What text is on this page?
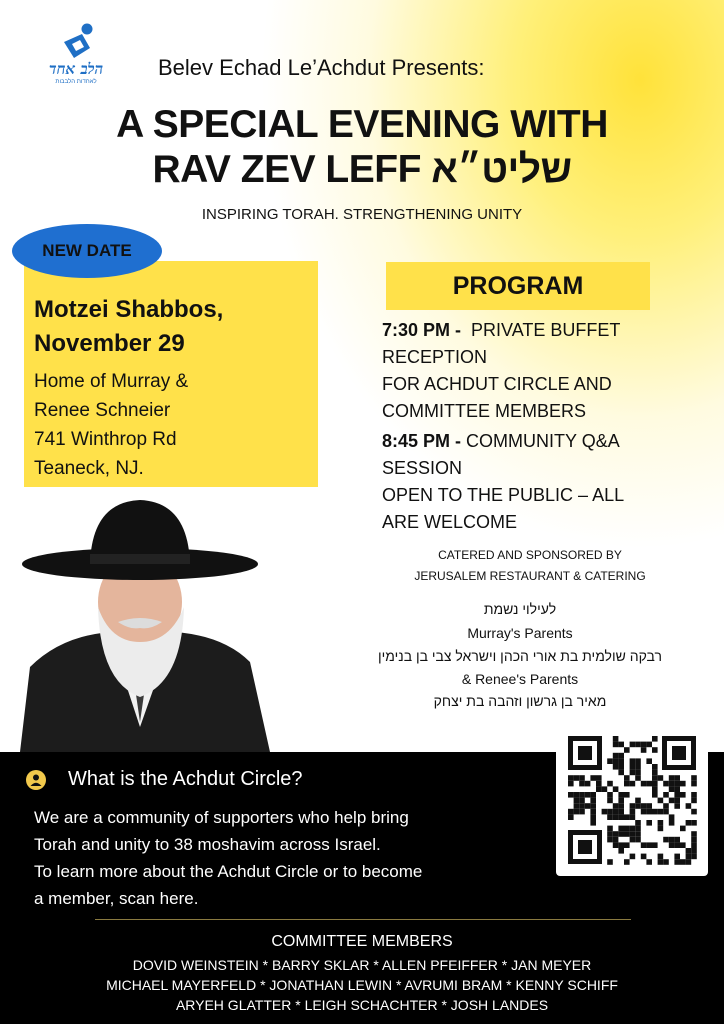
הלב אחד
לאחדות הלבבות
Belev Echad Le’Achdut Presents:
A SPECIAL EVENING WITH
RAV ZEV LEFF שליט״א
INSPIRING TORAH. STRENGTHENING UNITY
NEW DATE
Motzei Shabbos,
November 29
Home of Murray &
Renee Schneier
741 Winthrop Rd
Teaneck, NJ.
PROGRAM
7:30 PM - PRIVATE BUFFET
RECEPTION
FOR ACHDUT CIRCLE AND
COMMITTEE MEMBERS
8:45 PM - COMMUNITY Q&A
SESSION
OPEN TO THE PUBLIC – ALL
ARE WELCOME
CATERED AND SPONSORED BY
JERUSALEM RESTAURANT & CATERING
לעילוי נשמת
Murray's Parents
רבקה שולמית בת אורי הכהן וישראל צבי בן בנימין
& Renee's Parents
מאיר בן גרשון וזהבה בת יצחק
What is the Achdut Circle?
We are a community of supporters who help bring
Torah and unity to 38 moshavim across Israel.
To learn more about the Achdut Circle or to become
a member, scan here.
COMMITTEE MEMBERS
DOVID WEINSTEIN * BARRY SKLAR * ALLEN PFEIFFER * JAN MEYER
MICHAEL MAYERFELD * JONATHAN LEWIN * AVRUMI BRAM * KENNY SCHIFF
ARYEH GLATTER * LEIGH SCHACHTER * JOSH LANDES
